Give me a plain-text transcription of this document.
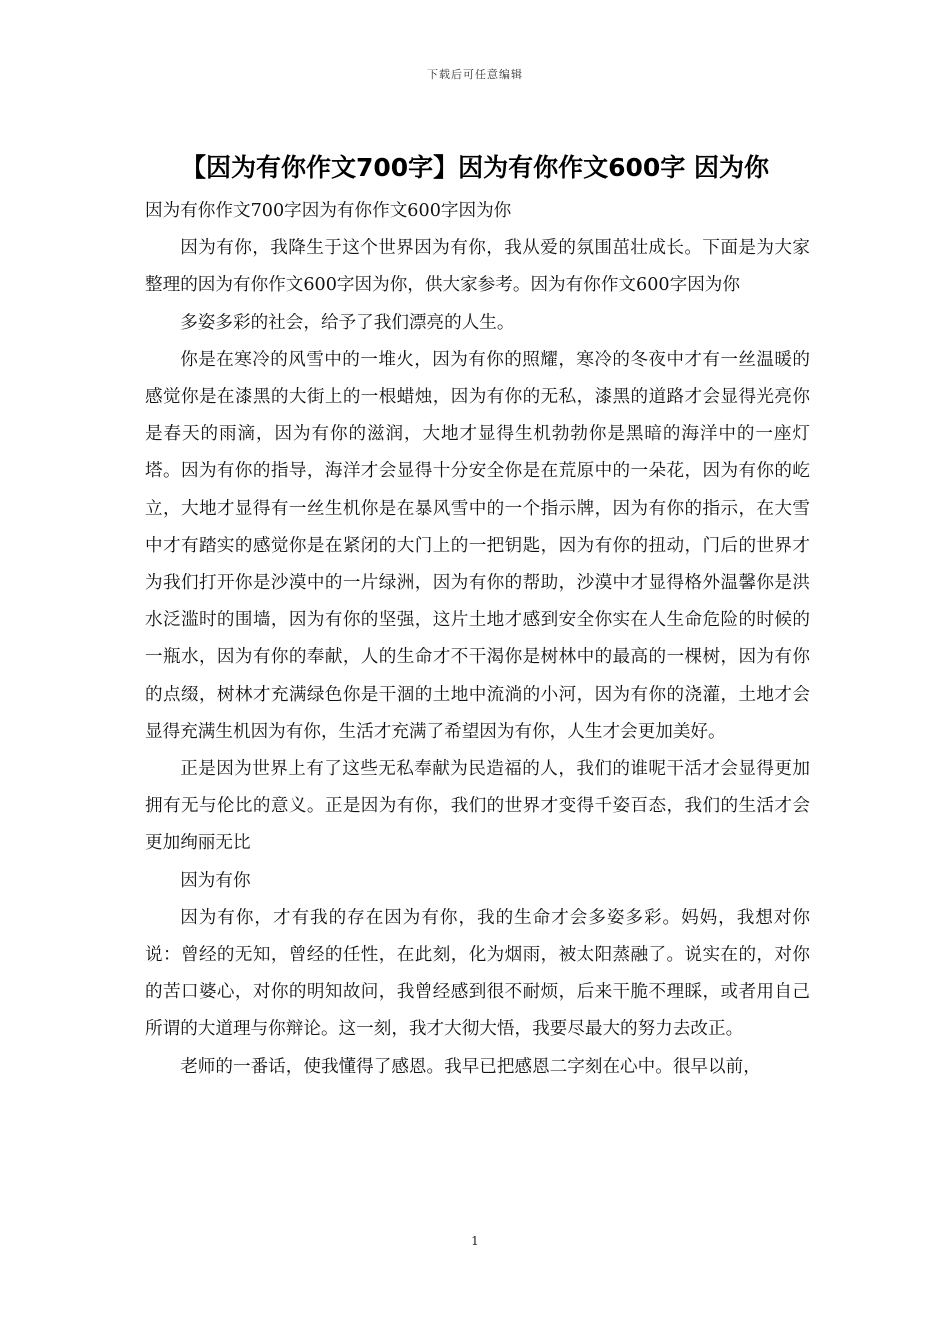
下载后可任意编辑
【因为有你作文700字】因为有你作文600字 因为你

因为有你作文700字因为有你作文600字因为你

因为有你，我降生于这个世界因为有你，我从爱的氛围茁壮成长。下面是为大家整理的因为有你作文600字因为你，供大家参考。因为有你作文600字因为你

多姿多彩的社会，给予了我们漂亮的人生。

你是在寒冷的风雪中的一堆火，因为有你的照耀，寒冷的冬夜中才有一丝温暖的感觉你是在漆黑的大街上的一根蜡烛，因为有你的无私，漆黑的道路才会显得光亮你是春天的雨滴，因为有你的滋润，大地才显得生机勃勃你是黑暗的海洋中的一座灯塔。因为有你的指导，海洋才会显得十分安全你是在荒原中的一朵花，因为有你的屹立，大地才显得有一丝生机你是在暴风雪中的一个指示牌，因为有你的指示，在大雪中才有踏实的感觉你是在紧闭的大门上的一把钥匙，因为有你的扭动，门后的世界才为我们打开你是沙漠中的一片绿洲，因为有你的帮助，沙漠中才显得格外温馨你是洪水泛滥时的围墙，因为有你的坚强，这片土地才感到安全你实在人生命危险的时候的一瓶水，因为有你的奉献，人的生命才不干渴你是树林中的最高的一棵树，因为有你的点缀，树林才充满绿色你是干涸的土地中流淌的小河，因为有你的浇灌，土地才会显得充满生机因为有你，生活才充满了希望因为有你，人生才会更加美好。

正是因为世界上有了这些无私奉献为民造福的人，我们的谁呢干活才会显得更加拥有无与伦比的意义。正是因为有你，我们的世界才变得千姿百态，我们的生活才会更加绚丽无比

因为有你

因为有你，才有我的存在因为有你，我的生命才会多姿多彩。妈妈，我想对你说：曾经的无知，曾经的任性，在此刻，化为烟雨，被太阳蒸融了。说实在的，对你的苦口婆心，对你的明知故问，我曾经感到很不耐烦，后来干脆不理睬，或者用自己所谓的大道理与你辩论。这一刻，我才大彻大悟，我要尽最大的努力去改正。

老师的一番话，使我懂得了感恩。我早已把感恩二字刻在心中。很早以前，

1
